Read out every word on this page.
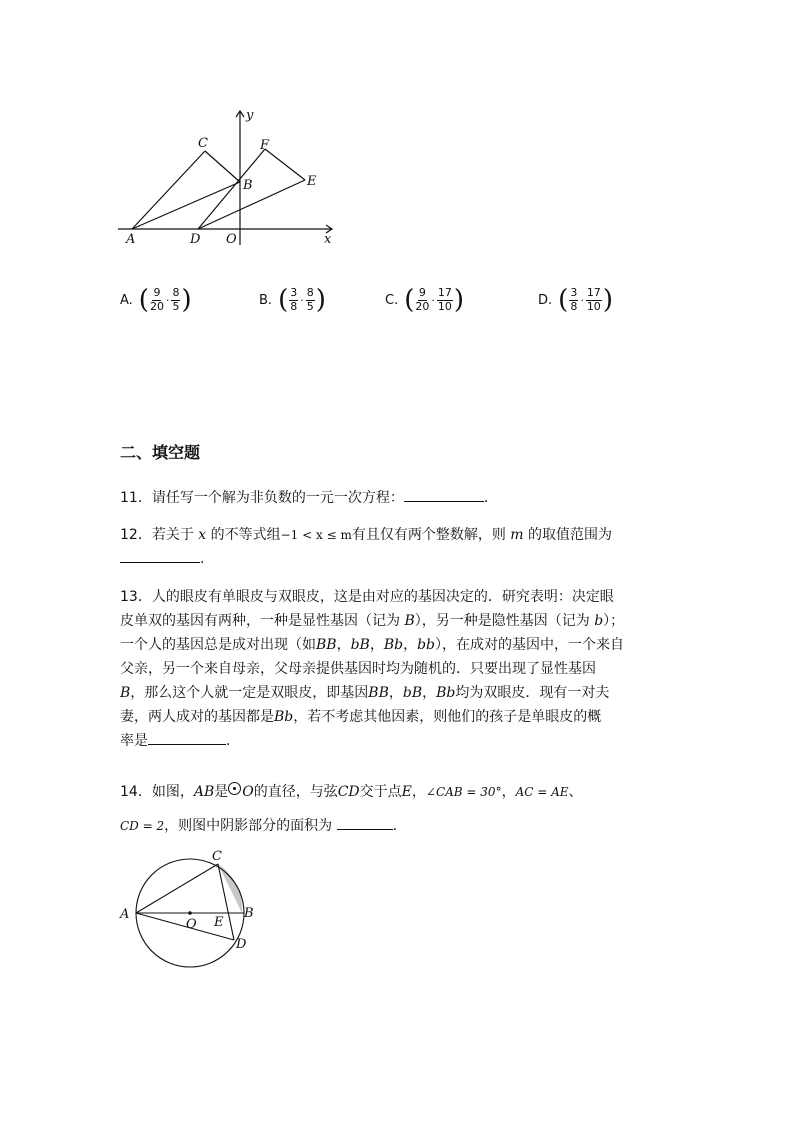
y
x
C	F
B	E
A	D O
A. ( $\frac{9}{20} \cdot \frac{8}{5}$ )	B. ( $\frac{3}{8} \cdot \frac{8}{5}$ )	C. ( $\frac{9}{20} \cdot \frac{17}{10}$ )	D. ( $\frac{3}{8} \cdot \frac{17}{10}$ )
二、填空题
11．请任写一个解为非负数的一元一次方程：	.
12．若关于 x 的不等式组−1 < x ≤ m有且仅有两个整数解，则 m 的取值范围为
.
13．人的眼皮有单眼皮与双眼皮，这是由对应的基因决定的．研究表明：决定眼
皮单双的基因有两种，一种是显性基因（记为 B），另一种是隐性基因（记为 b）；
一个人的基因总是成对出现（如BB，bB，Bb，bb），在成对的基因中，一个来自
父亲，另一个来自母亲，父母亲提供基因时均为随机的．只要出现了显性基因
B，那么这个人就一定是双眼皮，即基因BB，bB，Bb均为双眼皮．现有一对夫
妻，两人成对的基因都是Bb，若不考虑其他因素，则他们的孩子是单眼皮的概
率是	.
14．如图，AB是 O的直径，与弦CD交于点E，∠CAB = 30°，AC = AE、
CD = 2，则图中阴影部分的面积为	.
C
A
O E
B
D
